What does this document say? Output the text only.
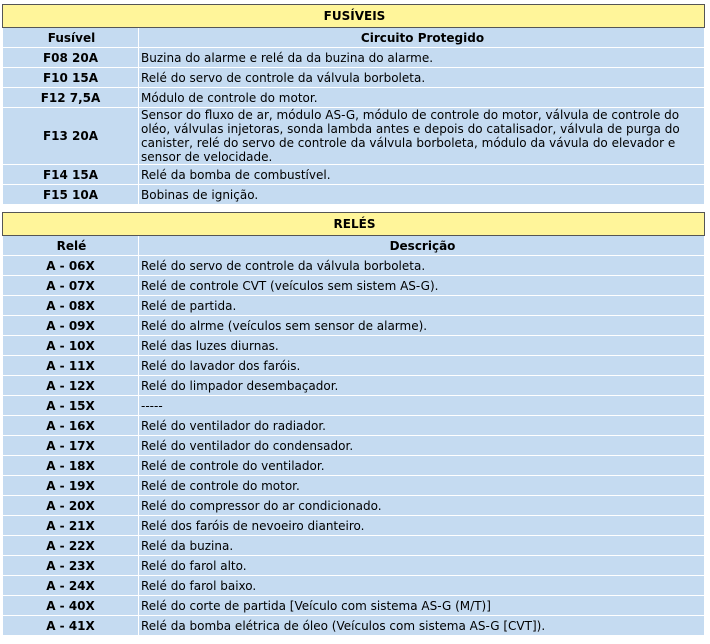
FUSÍVEIS	
Fusível	Circuito Protegido
F08 20A	Buzina do alarme e relé da da buzina do alarme.
F10 15A	Relé do servo de controle da válvula borboleta.
F12 7,5A	Módulo de controle do motor.
F13 20A	Sensor do fluxo de ar, módulo AS-G, módulo de controle do motor, válvula de controle do oléo, válvulas injetoras, sonda lambda antes e depois do catalisador, válvula de purga do canister, relé do servo de controle da válvula borboleta, módulo da vávula do elevador e sensor de velocidade.
F14 15A	Relé da bomba de combustível.
F15 10A	Bobinas de ignição.
RELÉS	
Relé	Descrição
A - 06X	Relé do servo de controle da válvula borboleta.
A - 07X	Relé de controle CVT (veículos sem sistem AS-G).
A - 08X	Relé de partida.
A - 09X	Relé do alrme (veículos sem sensor de alarme).
A - 10X	Relé das luzes diurnas.
A - 11X	Relé do lavador dos faróis.
A - 12X	Relé do limpador desembaçador.
A - 15X	-----
A - 16X	Relé do ventilador do radiador.
A - 17X	Relé do ventilador do condensador.
A - 18X	Relé de controle do ventilador.
A - 19X	Relé de controle do motor.
A - 20X	Relé do compressor do ar condicionado.
A - 21X	Relé dos faróis de nevoeiro dianteiro.
A - 22X	Relé da buzina.
A - 23X	Relé do farol alto.
A - 24X	Relé do farol baixo.
A - 40X	Relé do corte de partida [Veículo com sistema AS-G (M/T)]
A - 41X	Relé da bomba elétrica de óleo (Veículos com sistema AS-G [CVT]).
